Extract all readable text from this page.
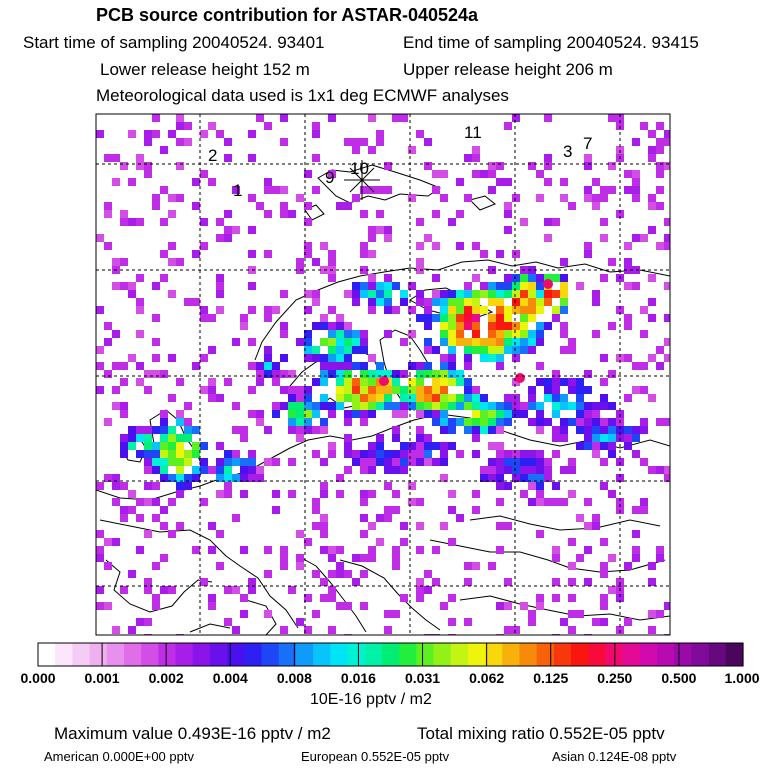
PCB source contribution for ASTAR-040524a
Start time of sampling 20040524. 93401	End time of sampling 20040524. 93415
Lower release height 152 m	Upper release height 206 m
Meteorological data used is 1x1 deg ECMWF analyses
2
1
10
9
11
3 7
0.000 0.001 0.002 0.004 0.008 0.016 0.031 0.062 0.125 0.250 0.500 1.000
10E-16 pptv / m2
Maximum value 0.493E-16 pptv / m2	Total mixing ratio 0.552E-05 pptv
American 0.000E+00 pptv	European 0.552E-05 pptv	Asian 0.124E-08 pptv
